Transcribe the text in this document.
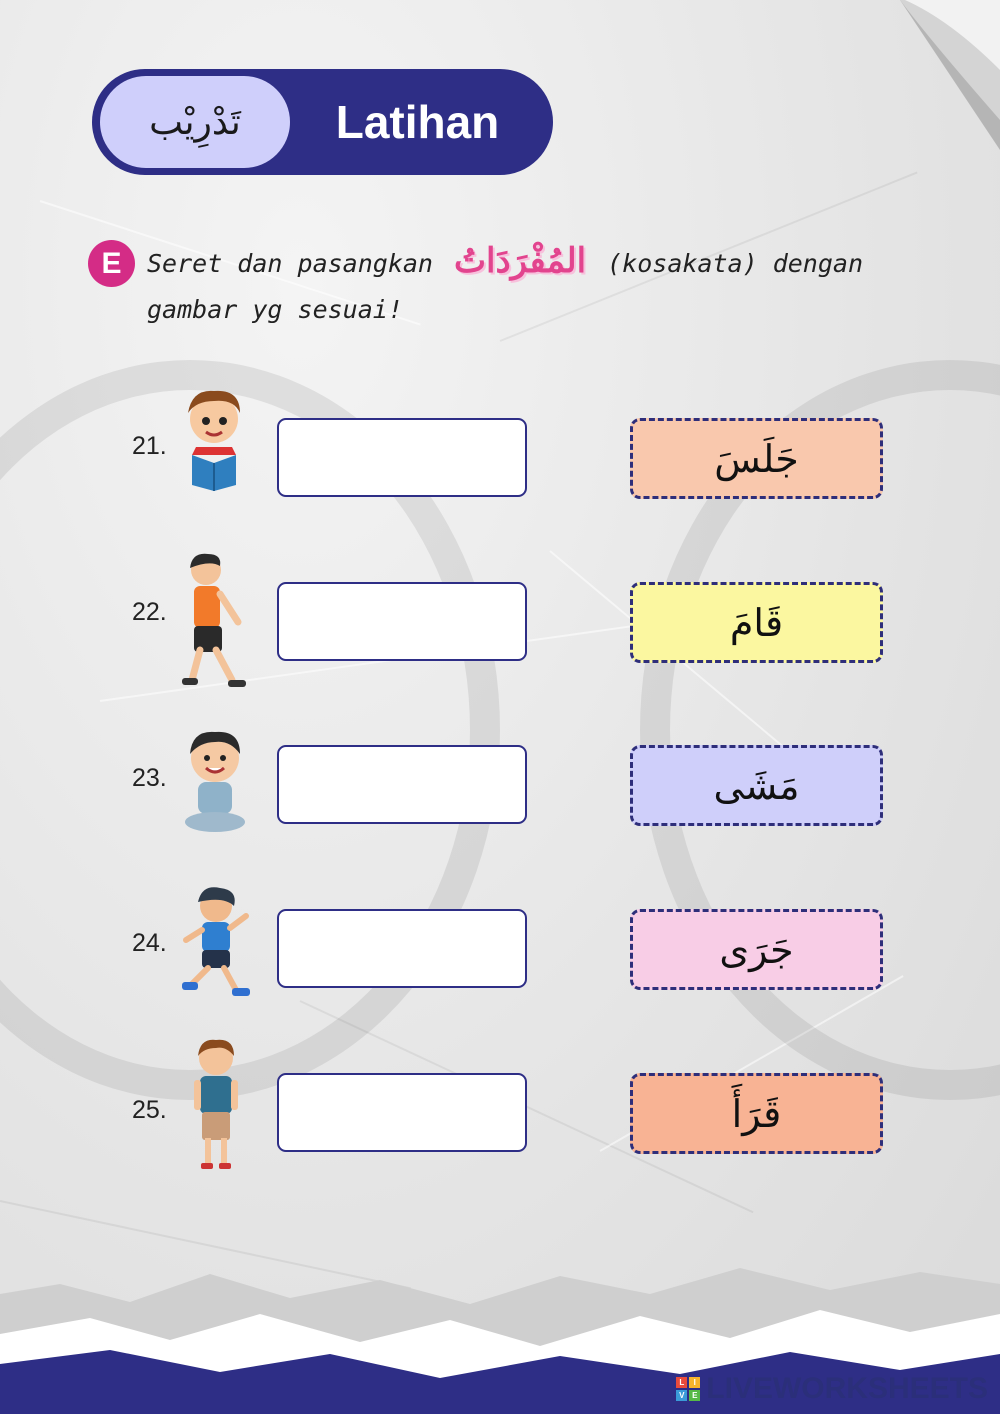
تَدْرِيْب	Latihan
E	Seret dan pasangkan المُفْرَدَاتُ (kosakata) dengan gambar yg sesuai!
21.	جَلَسَ
22.	قَامَ
23.	مَشَى
24.	جَرَى
25.	قَرَأَ
L	I
V E LIVEWORKSHEETS
